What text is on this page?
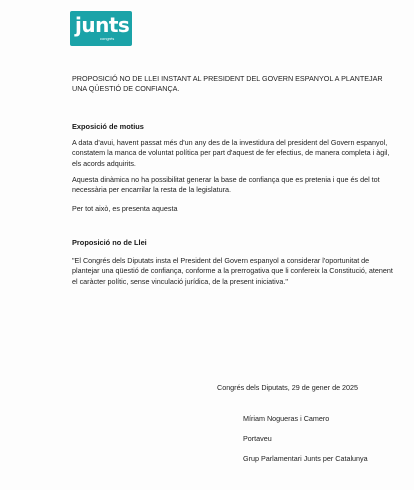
junts
congrés

PROPOSICIÓ NO DE LLEI INSTANT AL PRESIDENT DEL GOVERN ESPANYOL A PLANTEJAR UNA QÜESTIÓ DE CONFIANÇA.

Exposició de motius

A data d'avui, havent passat més d'un any des de la investidura del president del Govern espanyol, constatem la manca de voluntat política per part d'aquest de fer efectius, de manera completa i àgil, els acords adquirits.

Aquesta dinàmica no ha possibilitat generar la base de confiança que es pretenia i que és del tot necessària per encarrilar la resta de la legislatura.

Per tot això, es presenta aquesta

Proposició no de Llei

"El Congrés dels Diputats insta el President del Govern espanyol a considerar l'oportunitat de plantejar una qüestió de confiança, conforme a la prerrogativa que li confereix la Constitució, atenent el caràcter polític, sense vinculació jurídica, de la present iniciativa."

Congrés dels Diputats, 29 de gener de 2025
Míriam Nogueras i Camero
Portaveu
Grup Parlamentari Junts per Catalunya
